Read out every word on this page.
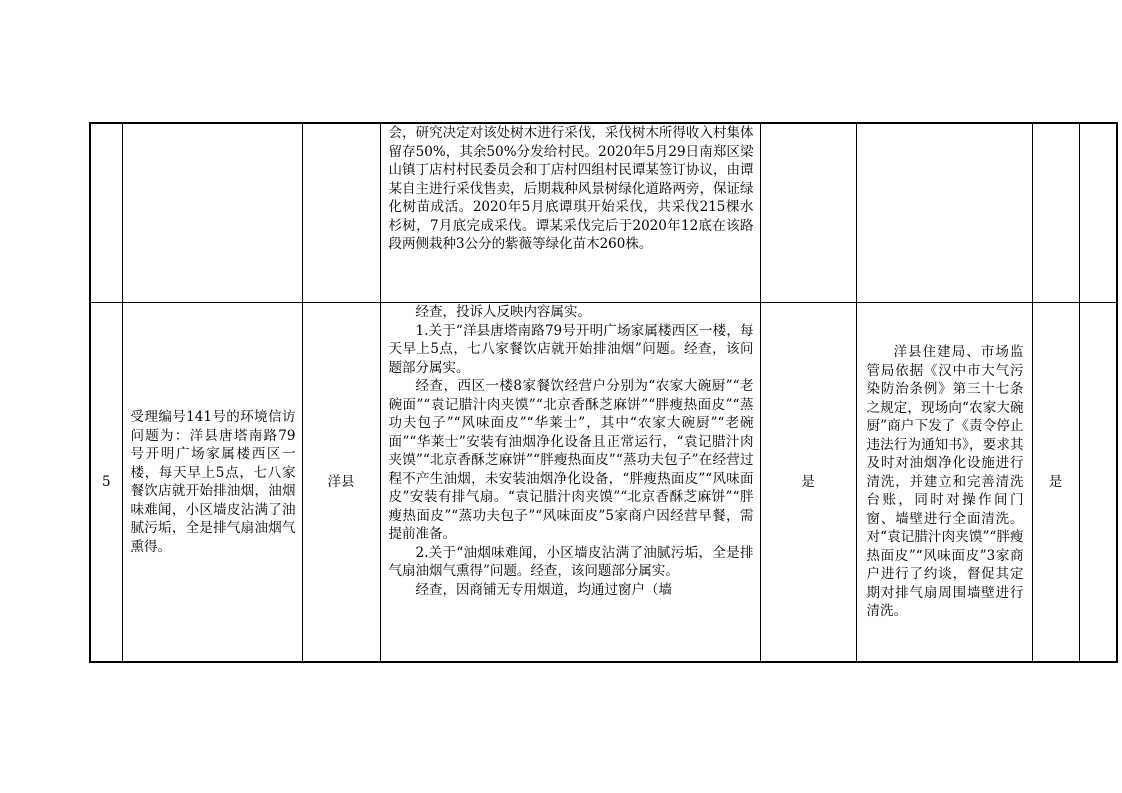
			会，研究决定对该处树木进行采伐，采伐树木所得收入村集体留存50%，其余50%分发给村民。2020年5月29日南郑区梁山镇丁店村村民委员会和丁店村四组村民谭某签订协议，由谭某自主进行采伐售卖，后期栽种风景树绿化道路两旁，保证绿化树苗成活。2020年5月底谭琪开始采伐，共采伐215棵水杉树，7月底完成采伐。谭某采伐完后于2020年12底在该路段两侧栽种3公分的紫薇等绿化苗木260株。				

5	受理编号141号的环境信访问题为：洋县唐塔南路79号开明广场家属楼西区一楼，每天早上5点，七八家餐饮店就开始排油烟，油烟味难闻，小区墙皮沾满了油腻污垢，全是排气扇油烟气熏得。	洋县	经查，投诉人反映内容属实。

1.关于“洋县唐塔南路79号开明广场家属楼西区一楼，每天早上5点，七八家餐饮店就开始排油烟”问题。经查，该问题部分属实。

经查，西区一楼8家餐饮经营户分别为“农家大碗厨”“老碗面”“袁记腊汁肉夹馍”“北京香酥芝麻饼”“胖瘦热面皮”“蒸功夫包子”“风味面皮”“华莱士”，其中“农家大碗厨”“老碗面”“华莱士”安装有油烟净化设备且正常运行，“袁记腊汁肉夹馍”“北京香酥芝麻饼”“胖瘦热面皮”“蒸功夫包子”在经营过程不产生油烟，未安装油烟净化设备，“胖瘦热面皮”“风味面皮”安装有排气扇。“袁记腊汁肉夹馍”“北京香酥芝麻饼”“胖瘦热面皮”“蒸功夫包子”“风味面皮”5家商户因经营早餐，需提前准备。

2.关于“油烟味难闻，小区墙皮沾满了油腻污垢，全是排气扇油烟气熏得”问题。经查，该问题部分属实。

经查，因商铺无专用烟道，均通过窗户（墙	是	洋县住建局、市场监管局依据《汉中市大气污染防治条例》第三十七条之规定，现场向“农家大碗厨”商户下发了《责令停止违法行为通知书》，要求其及时对油烟净化设施进行清洗，并建立和完善清洗台账，同时对操作间门窗、墙壁进行全面清洗。对“袁记腊汁肉夹馍”“胖瘦热面皮”“风味面皮”3家商户进行了约谈，督促其定期对排气扇周围墙壁进行清洗。	是	
